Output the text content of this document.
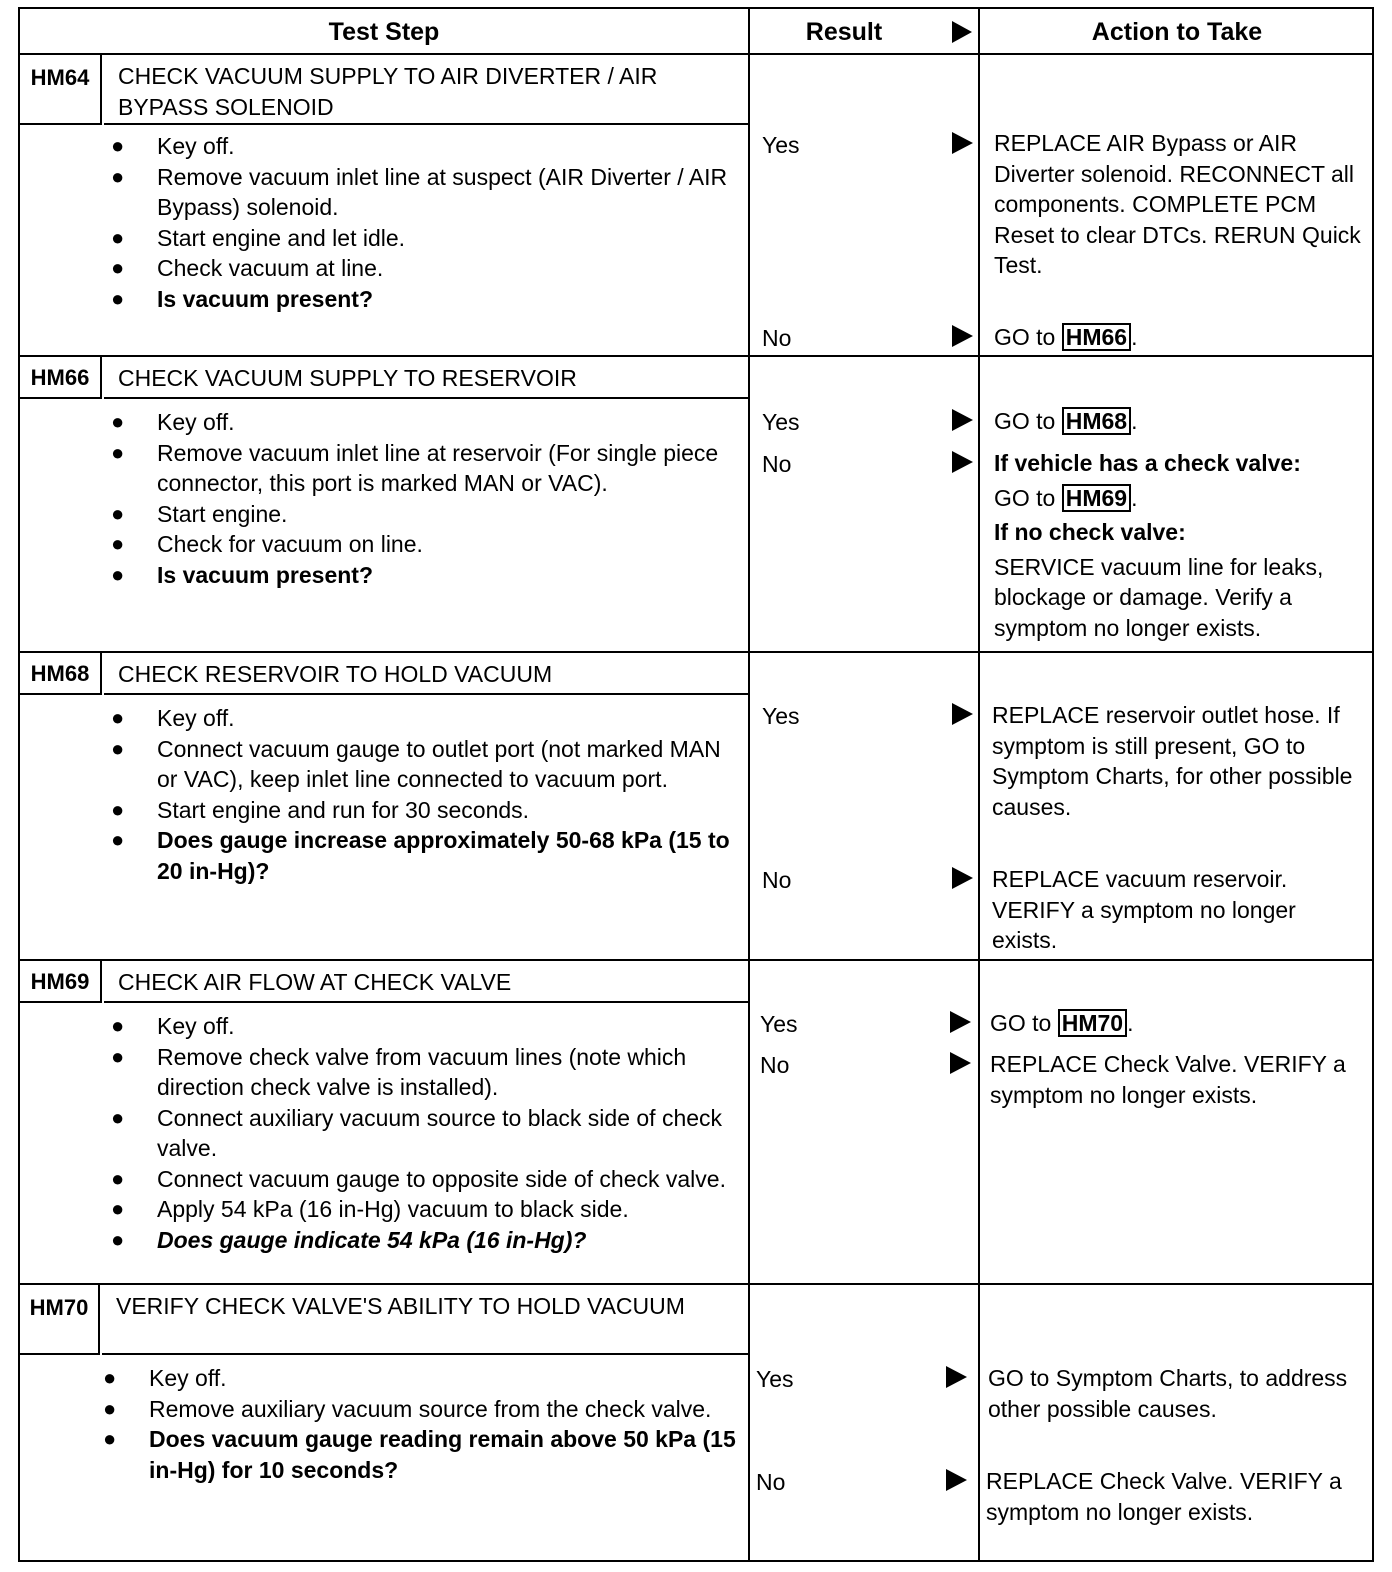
Test Step	Result	Action to Take
HM64	CHECK VACUUM SUPPLY TO AIR DIVERTER / AIR BYPASS SOLENOID
● Key off.
● Remove vacuum inlet line at suspect (AIR Diverter / AIR Bypass) solenoid.
● Start engine and let idle.
● Check vacuum at line.
● Is vacuum present?
Yes	REPLACE AIR Bypass or AIR Diverter solenoid. RECONNECT all components. COMPLETE PCM Reset to clear DTCs. RERUN Quick Test.
No	GO to HM66 .
HM66	CHECK VACUUM SUPPLY TO RESERVOIR
● Key off.
● Remove vacuum inlet line at reservoir (For single piece connector, this port is marked MAN or VAC).
● Start engine.
● Check for vacuum on line.
● Is vacuum present?
Yes	GO to HM68 .
No	If vehicle has a check valve:
GO to HM69 .
If no check valve:
SERVICE vacuum line for leaks, blockage or damage. Verify a symptom no longer exists.
HM68	CHECK RESERVOIR TO HOLD VACUUM
● Key off.
● Connect vacuum gauge to outlet port (not marked MAN or VAC), keep inlet line connected to vacuum port.
● Start engine and run for 30 seconds.
● Does gauge increase approximately 50-68 kPa (15 to 20 in-Hg)?
Yes	REPLACE reservoir outlet hose. If symptom is still present, GO to Symptom Charts, for other possible causes.
No	REPLACE vacuum reservoir. VERIFY a symptom no longer exists.
HM69	CHECK AIR FLOW AT CHECK VALVE
● Key off.
● Remove check valve from vacuum lines (note which direction check valve is installed).
● Connect auxiliary vacuum source to black side of check valve.
● Connect vacuum gauge to opposite side of check valve.
● Apply 54 kPa (16 in-Hg) vacuum to black side.
● Does gauge indicate 54 kPa (16 in-Hg)?
Yes	GO to HM70 .
No	REPLACE Check Valve. VERIFY a symptom no longer exists.
HM70	VERIFY CHECK VALVE'S ABILITY TO HOLD VACUUM
● Key off.
● Remove auxiliary vacuum source from the check valve.
● Does vacuum gauge reading remain above 50 kPa (15 in-Hg) for 10 seconds?
Yes	GO to Symptom Charts, to address other possible causes.
No	REPLACE Check Valve. VERIFY a symptom no longer exists.
